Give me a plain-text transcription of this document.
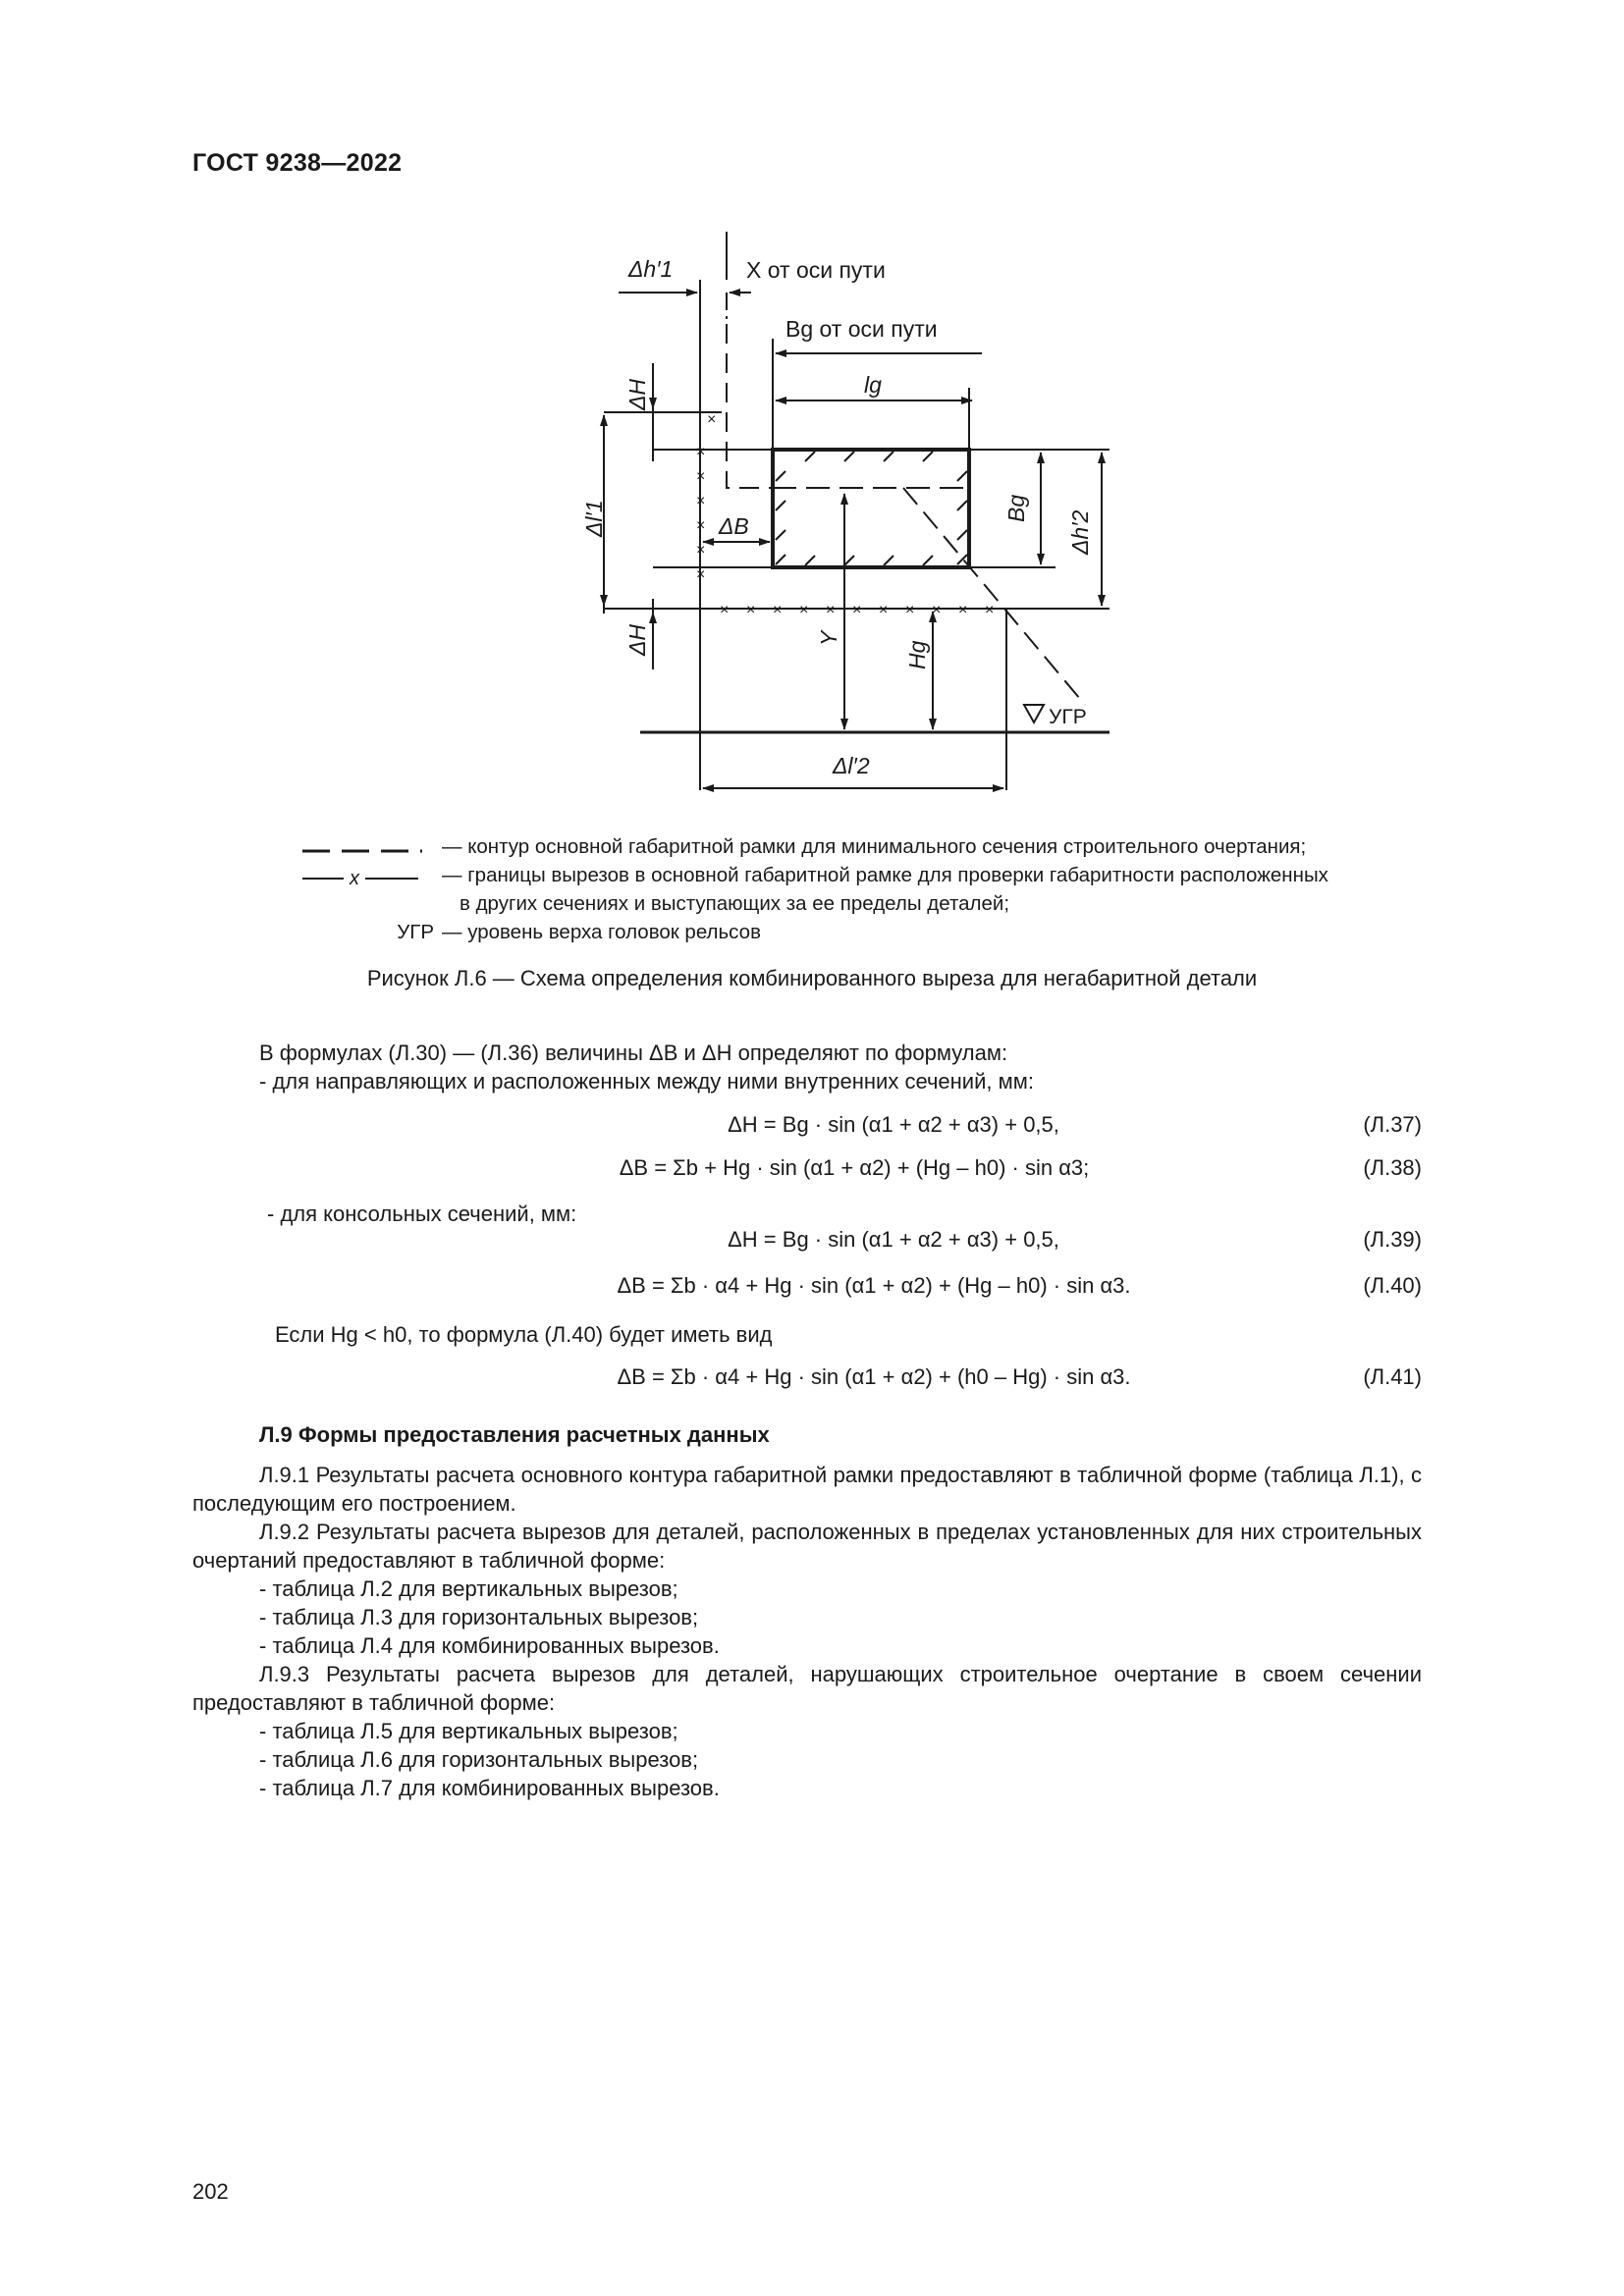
ГОСТ 9238—2022
×
×
×
×
×
×
×
× × × × × × × × × × ×
Δh′1	X от оси пути
Bg от оси пути
lg
ΔH
Δl′1	ΔB
Bg
Δh′2
Y
Hg
ΔH
УГР
Δl′2
— контур основной габаритной рамки для минимального сечения строительного очертания;
x	— границы вырезов в основной габаритной рамке для проверки габаритности расположенных
в других сечениях и выступающих за ее пределы деталей;
УГР — уровень верха головок рельсов
Рисунок Л.6 — Схема определения комбинированного выреза для негабаритной детали
В формулах (Л.30) — (Л.36) величины ΔB и ΔH определяют по формулам:
- для направляющих и расположенных между ними внутренних сечений, мм:
ΔH = Bg · sin (α1 + α2 + α3) + 0,5,	(Л.37)
ΔB = Σb + Hg · sin (α1 + α2) + (Hg – h0) · sin α3;	(Л.38)
- для консольных сечений, мм:
ΔH = Bg · sin (α1 + α2 + α3) + 0,5,	(Л.39)
ΔB = Σb · α4 + Hg · sin (α1 + α2) + (Hg – h0) · sin α3.	(Л.40)
Если Hg < h0, то формула (Л.40) будет иметь вид
ΔB = Σb · α4 + Hg · sin (α1 + α2) + (h0 – Hg) · sin α3.	(Л.41)
Л.9 Формы предоставления расчетных данных
Л.9.1 Результаты расчета основного контура габаритной рамки предоставляют в табличной форме (таблица Л.1), с последующим его построением.
Л.9.2 Результаты расчета вырезов для деталей, расположенных в пределах установленных для них строительных очертаний предоставляют в табличной форме:
- таблица Л.2 для вертикальных вырезов;
- таблица Л.3 для горизонтальных вырезов;
- таблица Л.4 для комбинированных вырезов.
Л.9.3 Результаты расчета вырезов для деталей, нарушающих строительное очертание в своем сечении предоставляют в табличной форме:
- таблица Л.5 для вертикальных вырезов;
- таблица Л.6 для горизонтальных вырезов;
- таблица Л.7 для комбинированных вырезов.
202
